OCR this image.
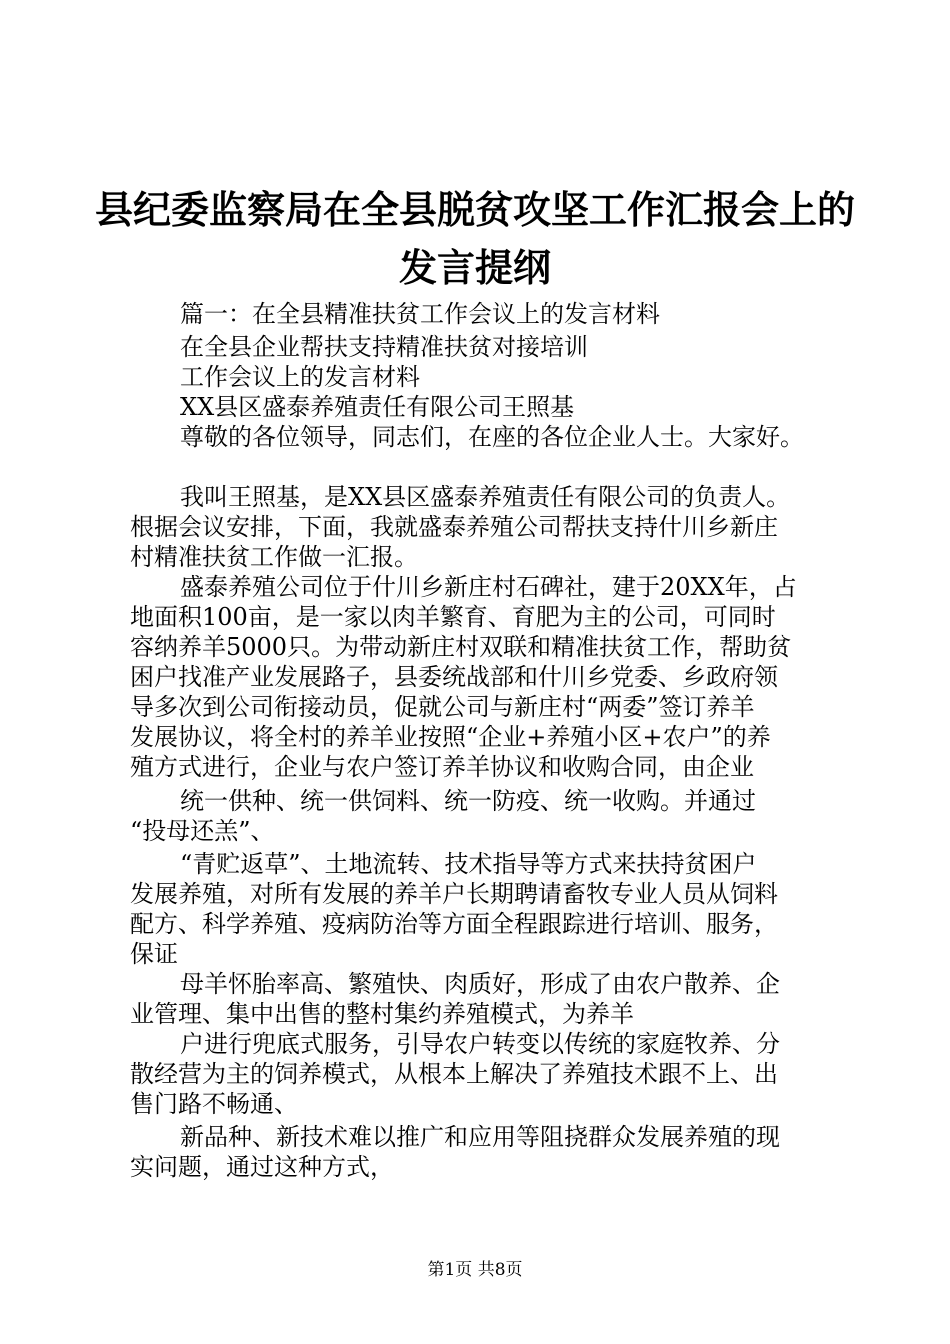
县纪委监察局在全县脱贫攻坚工作汇报会上的
发言提纲
篇一：在全县精准扶贫工作会议上的发言材料
在全县企业帮扶支持精准扶贫对接培训
工作会议上的发言材料
XX县区盛泰养殖责任有限公司王照基
尊敬的各位领导，同志们，在座的各位企业人士。大家好。
我叫王照基，是XX县区盛泰养殖责任有限公司的负责人。
根据会议安排，下面，我就盛泰养殖公司帮扶支持什川乡新庄
村精准扶贫工作做一汇报。
盛泰养殖公司位于什川乡新庄村石碑社，建于20XX年，占
地面积100亩，是一家以肉羊繁育、育肥为主的公司，可同时
容纳养羊5000只。为带动新庄村双联和精准扶贫工作，帮助贫
困户找准产业发展路子，县委统战部和什川乡党委、乡政府领
导多次到公司衔接动员，促就公司与新庄村“两委”签订养羊
发展协议，将全村的养羊业按照“企业+养殖小区+农户”的养
殖方式进行，企业与农户签订养羊协议和收购合同，由企业
统一供种、统一供饲料、统一防疫、统一收购。并通过
“投母还羔”、
“青贮返草”、土地流转、技术指导等方式来扶持贫困户
发展养殖，对所有发展的养羊户长期聘请畜牧专业人员从饲料
配方、科学养殖、疫病防治等方面全程跟踪进行培训、服务，
保证
母羊怀胎率高、繁殖快、肉质好，形成了由农户散养、企
业管理、集中出售的整村集约养殖模式，为养羊
户进行兜底式服务，引导农户转变以传统的家庭牧养、分
散经营为主的饲养模式，从根本上解决了养殖技术跟不上、出
售门路不畅通、
新品种、新技术难以推广和应用等阻挠群众发展养殖的现
实问题，通过这种方式，
第1页 共8页
